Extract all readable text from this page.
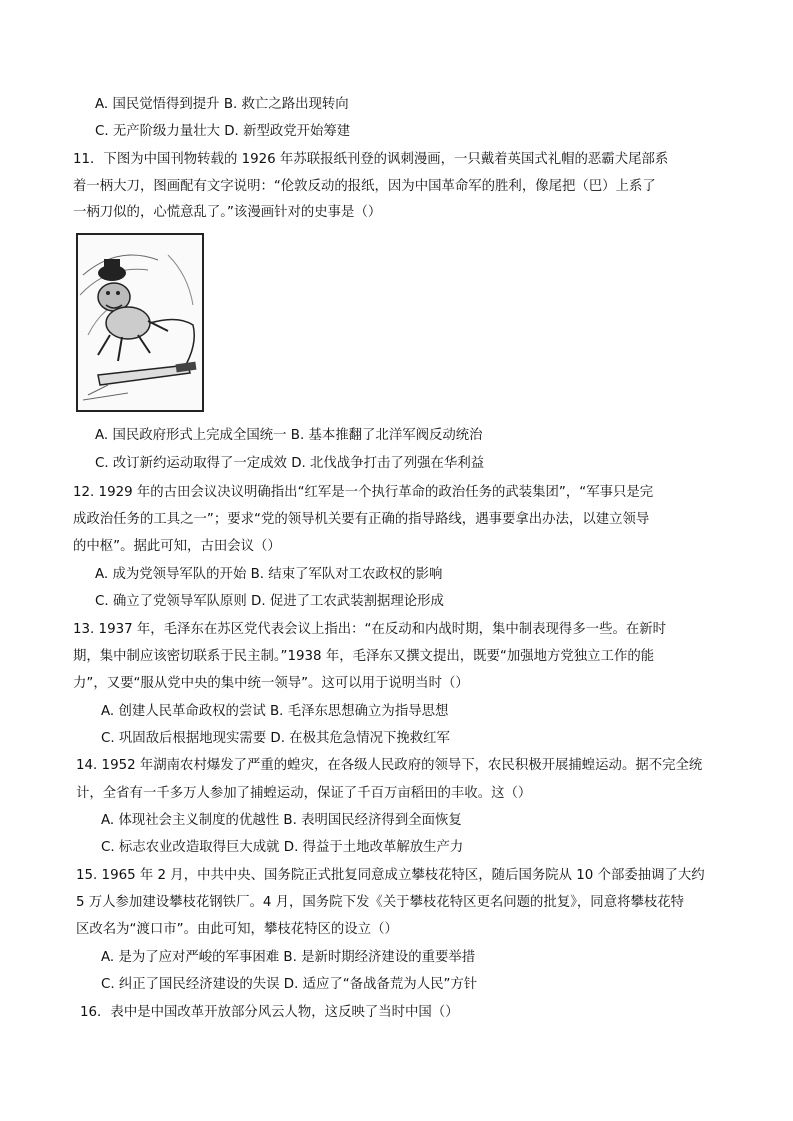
A. 国民觉悟得到提升 B. 救亡之路出现转向
C. 无产阶级力量壮大 D. 新型政党开始筹建
11．下图为中国刊物转载的 1926 年苏联报纸刊登的讽刺漫画，一只戴着英国式礼帽的恶霸犬尾部系
着一柄大刀，图画配有文字说明：“伦敦反动的报纸，因为中国革命军的胜利，像尾把（巴）上系了
一柄刀似的，心慌意乱了。”该漫画针对的史事是（）
A. 国民政府形式上完成全国统一 B. 基本推翻了北洋军阀反动统治
C. 改订新约运动取得了一定成效 D. 北伐战争打击了列强在华利益
12. 1929 年的古田会议决议明确指出“红军是一个执行革命的政治任务的武装集团”，“军事只是完
成政治任务的工具之一”；要求“党的领导机关要有正确的指导路线，遇事要拿出办法，以建立领导
的中枢”。据此可知，古田会议（）
A. 成为党领导军队的开始 B. 结束了军队对工农政权的影响
C. 确立了党领导军队原则 D. 促进了工农武装割据理论形成
13. 1937 年，毛泽东在苏区党代表会议上指出：“在反动和内战时期，集中制表现得多一些。在新时
期，集中制应该密切联系于民主制。”1938 年，毛泽东又撰文提出，既要“加强地方党独立工作的能
力”，又要“服从党中央的集中统一领导”。这可以用于说明当时（）
A. 创建人民革命政权的尝试 B. 毛泽东思想确立为指导思想
C. 巩固敌后根据地现实需要 D. 在极其危急情况下挽救红军
14. 1952 年湖南农村爆发了严重的蝗灾，在各级人民政府的领导下，农民积极开展捕蝗运动。据不完全统
计，全省有一千多万人参加了捕蝗运动，保证了千百万亩稻田的丰收。这（）
A. 体现社会主义制度的优越性 B. 表明国民经济得到全面恢复
C. 标志农业改造取得巨大成就 D. 得益于土地改革解放生产力
15. 1965 年 2 月，中共中央、国务院正式批复同意成立攀枝花特区，随后国务院从 10 个部委抽调了大约
5 万人参加建设攀枝花钢铁厂。4 月，国务院下发《关于攀枝花特区更名问题的批复》，同意将攀枝花特
区改名为“渡口市”。由此可知，攀枝花特区的设立（）
A. 是为了应对严峻的军事困难 B. 是新时期经济建设的重要举措
C. 纠正了国民经济建设的失误 D. 适应了“备战备荒为人民”方针
16．表中是中国改革开放部分风云人物，这反映了当时中国（）
